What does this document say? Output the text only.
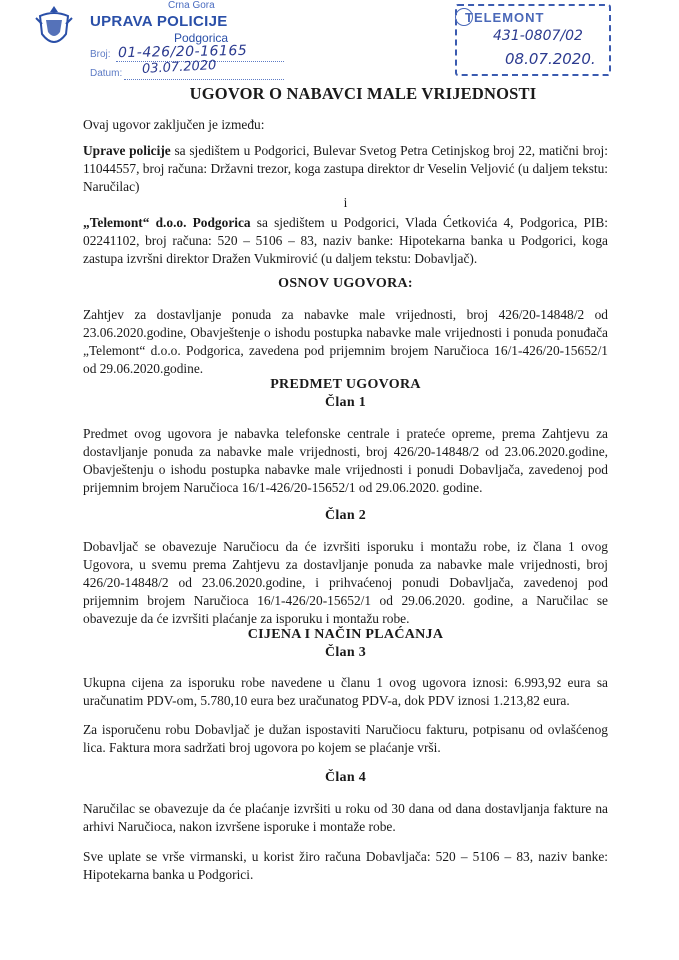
Crna Gora
UPRAVA POLICIJE
Podgorica
Broj: 01-426/20-16165
Datum: 03.07.2020
TELEMONT
431-0807/02
08.07.2020.
UGOVOR O NABAVCI MALE VRIJEDNOSTI

Ovaj ugovor zaključen je između:

Uprave policije sa sjedištem u Podgorici, Bulevar Svetog Petra Cetinjskog broj 22, matični broj: 11044557, broj računa: Državni trezor, koga zastupa direktor dr Veselin Veljović (u daljem tekstu: Naručilac)

i

„Telemont“ d.o.o. Podgorica sa sjedištem u Podgorici, Vlada Ćetkovića 4, Podgorica, PIB: 02241102, broj računa: 520 – 5106 – 83, naziv banke: Hipotekarna banka u Podgorici, koga zastupa izvršni direktor Dražen Vukmirović (u daljem tekstu: Dobavljač).

OSNOV UGOVORA:

Zahtjev za dostavljanje ponuda za nabavke male vrijednosti, broj 426/20-14848/2 od 23.06.2020.godine, Obavještenje o ishodu postupka nabavke male vrijednosti i ponuda ponuđača „Telemont“ d.o.o. Podgorica, zavedena pod prijemnim brojem Naručioca 16/1-426/20-15652/1 od 29.06.2020.godine.

PREDMET UGOVORA

Član 1

Predmet ovog ugovora je nabavka telefonske centrale i prateće opreme, prema Zahtjevu za dostavljanje ponuda za nabavke male vrijednosti, broj 426/20-14848/2 od 23.06.2020.godine, Obavještenju o ishodu postupka nabavke male vrijednosti i ponudi Dobavljača, zavedenoj pod prijemnim brojem Naručioca 16/1-426/20-15652/1 od 29.06.2020. godine.

Član 2

Dobavljač se obavezuje Naručiocu da će izvršiti isporuku i montažu robe, iz člana 1 ovog Ugovora, u svemu prema Zahtjevu za dostavljanje ponuda za nabavke male vrijednosti, broj 426/20-14848/2 od 23.06.2020.godine, i prihvaćenoj ponudi Dobavljača, zavedenoj pod prijemnim brojem Naručioca 16/1-426/20-15652/1 od 29.06.2020. godine, a Naručilac se obavezuje da će izvršiti plaćanje za isporuku i montažu robe.

CIJENA I NAČIN PLAĆANJA

Član 3

Ukupna cijena za isporuku robe navedene u članu 1 ovog ugovora iznosi: 6.993,92 eura sa uračunatim PDV-om, 5.780,10 eura bez uračunatog PDV-a, dok PDV iznosi 1.213,82 eura.

Za isporučenu robu Dobavljač je dužan ispostaviti Naručiocu fakturu, potpisanu od ovlašćenog lica. Faktura mora sadržati broj ugovora po kojem se plaćanje vrši.

Član 4

Naručilac se obavezuje da će plaćanje izvršiti u roku od 30 dana od dana dostavljanja fakture na arhivi Naručioca, nakon izvršene isporuke i montaže robe.

Sve uplate se vrše virmanski, u korist žiro računa Dobavljača: 520 – 5106 – 83, naziv banke: Hipotekarna banka u Podgorici.
